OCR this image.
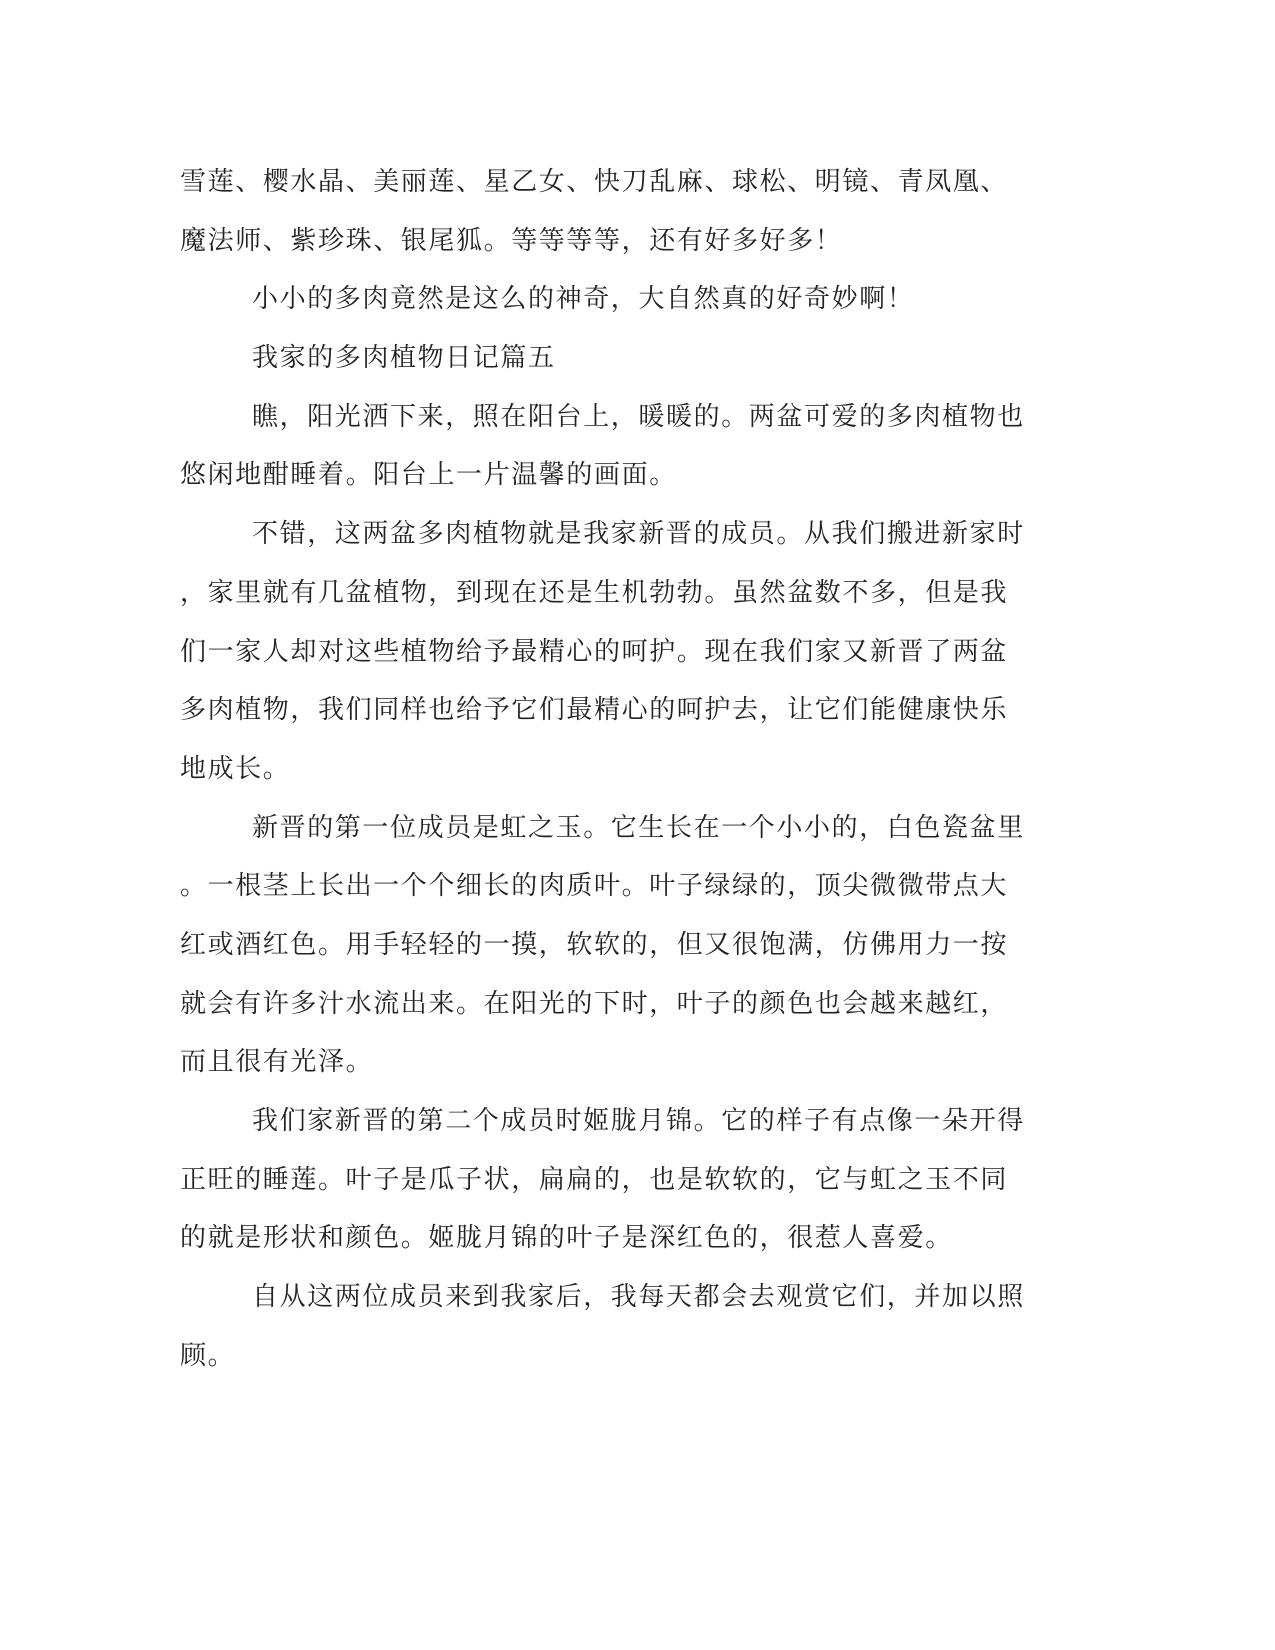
雪莲、樱水晶、美丽莲、星乙女、快刀乱麻、球松、明镜、青凤凰、
魔法师、紫珍珠、银尾狐。等等等等，还有好多好多！
小小的多肉竟然是这么的神奇，大自然真的好奇妙啊！
我家的多肉植物日记篇五
瞧，阳光洒下来，照在阳台上，暖暖的。两盆可爱的多肉植物也
悠闲地酣睡着。阳台上一片温馨的画面。
不错，这两盆多肉植物就是我家新晋的成员。从我们搬进新家时
，家里就有几盆植物，到现在还是生机勃勃。虽然盆数不多，但是我
们一家人却对这些植物给予最精心的呵护。现在我们家又新晋了两盆
多肉植物，我们同样也给予它们最精心的呵护去，让它们能健康快乐
地成长。
新晋的第一位成员是虹之玉。它生长在一个小小的，白色瓷盆里
。一根茎上长出一个个细长的肉质叶。叶子绿绿的，顶尖微微带点大
红或酒红色。用手轻轻的一摸，软软的，但又很饱满，仿佛用力一按
就会有许多汁水流出来。在阳光的下时，叶子的颜色也会越来越红，
而且很有光泽。
我们家新晋的第二个成员时姬胧月锦。它的样子有点像一朵开得
正旺的睡莲。叶子是瓜子状，扁扁的，也是软软的，它与虹之玉不同
的就是形状和颜色。姬胧月锦的叶子是深红色的，很惹人喜爱。
自从这两位成员来到我家后，我每天都会去观赏它们，并加以照
顾。
